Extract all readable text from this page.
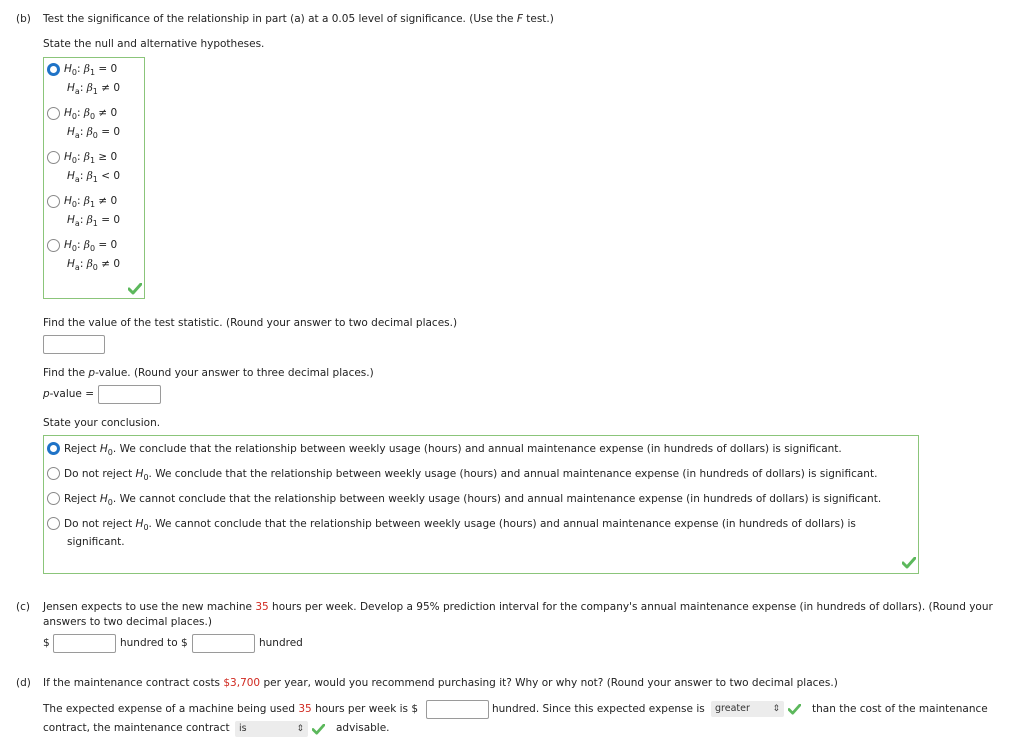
(b) Test the significance of the relationship in part (a) at a 0.05 level of significance. (Use the F test.)
State the null and alternative hypotheses.
$H_0$: $\beta_1 = 0$
$H_a$: $\beta_1 \ne 0$
$H_0$: $\beta_0 \ne 0$
$H_a$: $\beta_0 = 0$
$H_0$: $\beta_1 \ge 0$
$H_a$: $\beta_1 < 0$
$H_0$: $\beta_1 \ne 0$
$H_a$: $\beta_1 = 0$
$H_0$: $\beta_0 = 0$
$H_a$: $\beta_0 \ne 0$
Find the value of the test statistic. (Round your answer to two decimal places.)
Find the p-value. (Round your answer to three decimal places.)
p-value =
State your conclusion.
Reject $H_0$. We conclude that the relationship between weekly usage (hours) and annual maintenance expense (in hundreds of dollars) is significant.
Do not reject $H_0$. We conclude that the relationship between weekly usage (hours) and annual maintenance expense (in hundreds of dollars) is significant.
Reject $H_0$. We cannot conclude that the relationship between weekly usage (hours) and annual maintenance expense (in hundreds of dollars) is significant.
Do not reject $H_0$. We cannot conclude that the relationship between weekly usage (hours) and annual maintenance expense (in hundreds of dollars) is
significant.
(c) Jensen expects to use the new machine 35 hours per week. Develop a 95% prediction interval for the company's annual maintenance expense (in hundreds of dollars). (Round your
answers to two decimal places.)
$	hundred to $	hundred
(d) If the maintenance contract costs $3,700 per year, would you recommend purchasing it? Why or why not? (Round your answer to two decimal places.)
The expected expense of a machine being used 35 hours per week is $	hundred. Since this expected expense is	greater	⇕	than the cost of the maintenance
contract, the maintenance contract is	⇕	advisable.
